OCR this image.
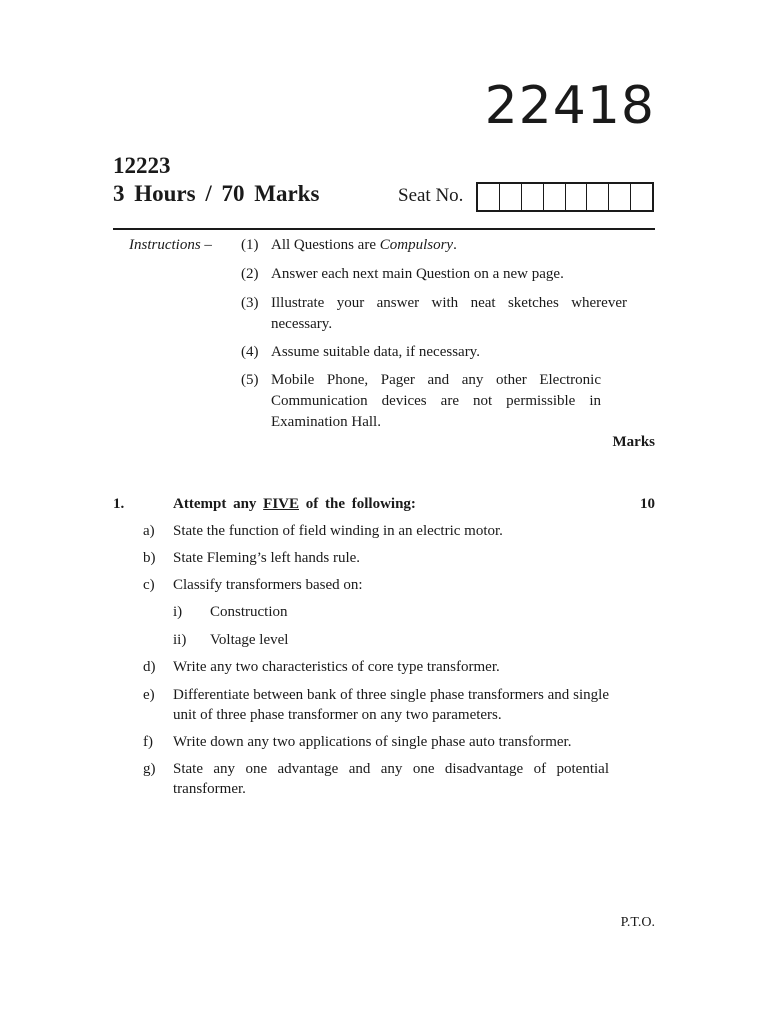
22418
12223
3 Hours / 70 Marks	Seat No.
Instructions – (1) All Questions are Compulsory.
(2) Answer each next main Question on a new page.
(3) Illustrate your answer with neat sketches wherever necessary.
(4) Assume suitable data, if necessary.
(5) Mobile Phone, Pager and any other Electronic Communication devices are not permissible in Examination Hall.
Marks
1.	Attempt any FIVE of the following:	10
a) State the function of field winding in an electric motor.
b) State Fleming’s left hands rule.
c) Classify transformers based on:
i) Construction
ii) Voltage level
d) Write any two characteristics of core type transformer.
e) Differentiate between bank of three single phase transformers and single unit of three phase transformer on any two parameters.
f) Write down any two applications of single phase auto transformer.
g) State any one advantage and any one disadvantage of potential transformer.
P.T.O.
